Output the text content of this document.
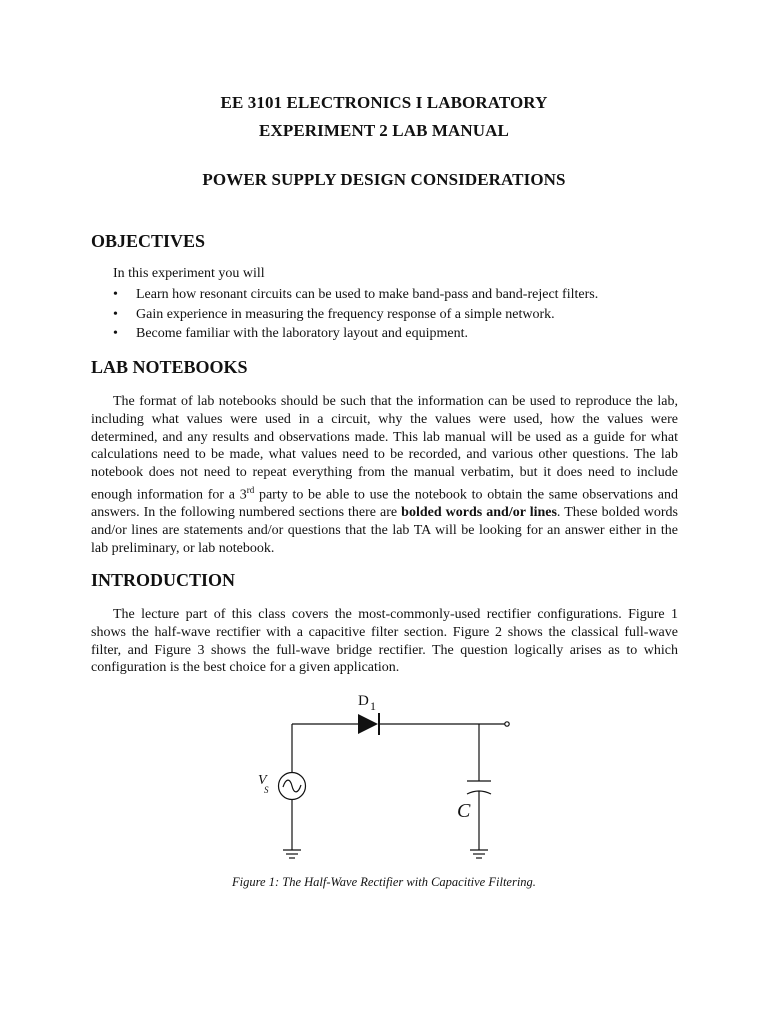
EE 3101 ELECTRONICS I LABORATORY
EXPERIMENT 2 LAB MANUAL
POWER SUPPLY DESIGN CONSIDERATIONS
OBJECTIVES
In this experiment you will
• Learn how resonant circuits can be used to make band-pass and band-reject filters.
• Gain experience in measuring the frequency response of a simple network.
• Become familiar with the laboratory layout and equipment.
LAB NOTEBOOKS

The format of lab notebooks should be such that the information can be used to reproduce the lab, including what values were used in a circuit, why the values were used, how the values were determined, and any results and observations made. This lab manual will be used as a guide for what calculations need to be made, what values need to be recorded, and various other questions. The lab notebook does not need to repeat everything from the manual verbatim, but it does need to include enough information for a 3rd party to be able to use the notebook to obtain the same observations and answers. In the following numbered sections there are bolded words and/or lines. These bolded words and/or lines are statements and/or questions that the lab TA will be looking for an answer either in the lab preliminary, or lab notebook.

INTRODUCTION

The lecture part of this class covers the most-commonly-used rectifier configurations. Figure 1 shows the half-wave rectifier with a capacitive filter section. Figure 2 shows the classical full-wave filter, and Figure 3 shows the full-wave bridge rectifier. The question logically arises as to which configuration is the best choice for a given application.

D 1
V
S
C
Figure 1: The Half-Wave Rectifier with Capacitive Filtering.
